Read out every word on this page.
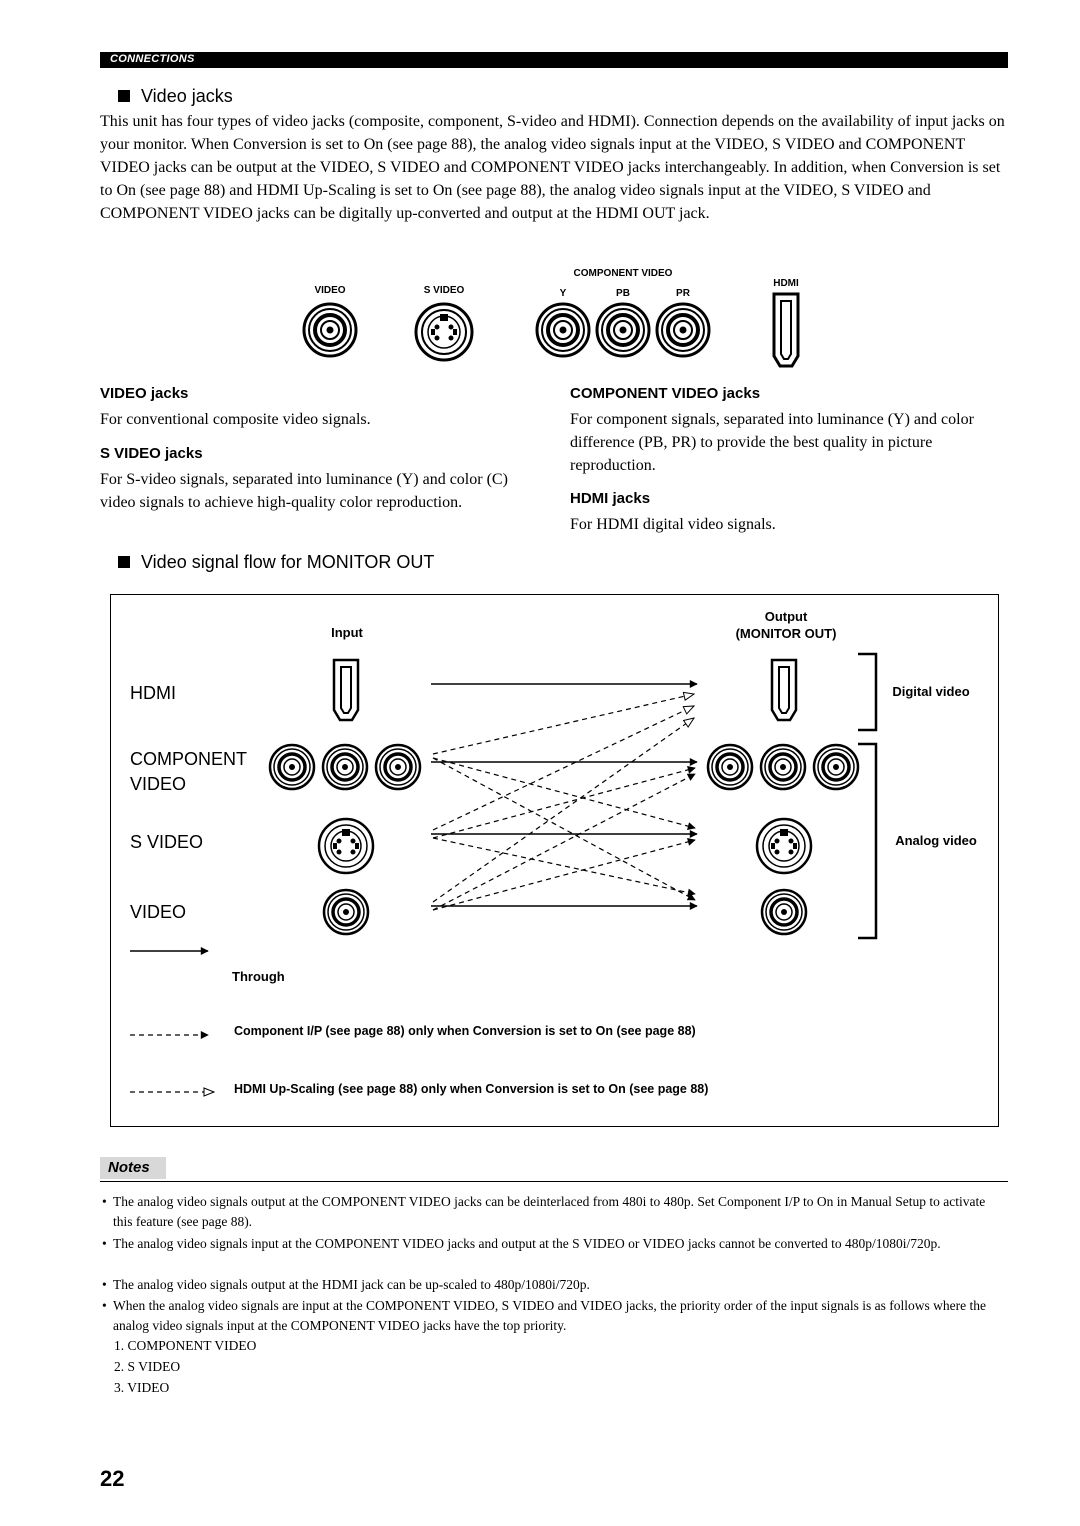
CONNECTIONS
Video jacks
This unit has four types of video jacks (composite, component, S-video and HDMI). Connection depends on the availability of input jacks on your monitor. When Conversion is set to On (see page 88), the analog video signals input at the VIDEO, S VIDEO and COMPONENT VIDEO jacks can be output at the VIDEO, S VIDEO and COMPONENT VIDEO jacks interchangeably. In addition, when Conversion is set to On (see page 88) and HDMI Up-Scaling is set to On (see page 88), the analog video signals input at the VIDEO, S VIDEO and COMPONENT VIDEO jacks can be digitally up-converted and output at the HDMI OUT jack.
VIDEO	S VIDEO
COMPONENT VIDEO
Y	PB	PR
HDMI
VIDEO jacks
For conventional composite video signals.
S VIDEO jacks
For S-video signals, separated into luminance (Y) and color (C) video signals to achieve high-quality color reproduction.
COMPONENT VIDEO jacks
For component signals, separated into luminance (Y) and color difference (PB, PR) to provide the best quality in picture reproduction.
HDMI jacks
For HDMI digital video signals.
Video signal flow for MONITOR OUT
Input
Output
(MONITOR OUT)
HDMI
COMPONENT
VIDEO
S VIDEO
VIDEO
Digital video
Analog video
Through
Component I/P (see page 88) only when Conversion is set to On (see page 88)
HDMI Up-Scaling (see page 88) only when Conversion is set to On (see page 88)
Notes
• The analog video signals output at the COMPONENT VIDEO jacks can be deinterlaced from 480i to 480p. Set Component I/P to On in Manual Setup to activate this feature (see page 88).
• The analog video signals input at the COMPONENT VIDEO jacks and output at the S VIDEO or VIDEO jacks cannot be converted to 480p/1080i/720p.
• The analog video signals output at the HDMI jack can be up-scaled to 480p/1080i/720p.
• When the analog video signals are input at the COMPONENT VIDEO, S VIDEO and VIDEO jacks, the priority order of the input signals is as follows where the analog video signals input at the COMPONENT VIDEO jacks have the top priority.
1. COMPONENT VIDEO
2. S VIDEO
3. VIDEO
22
